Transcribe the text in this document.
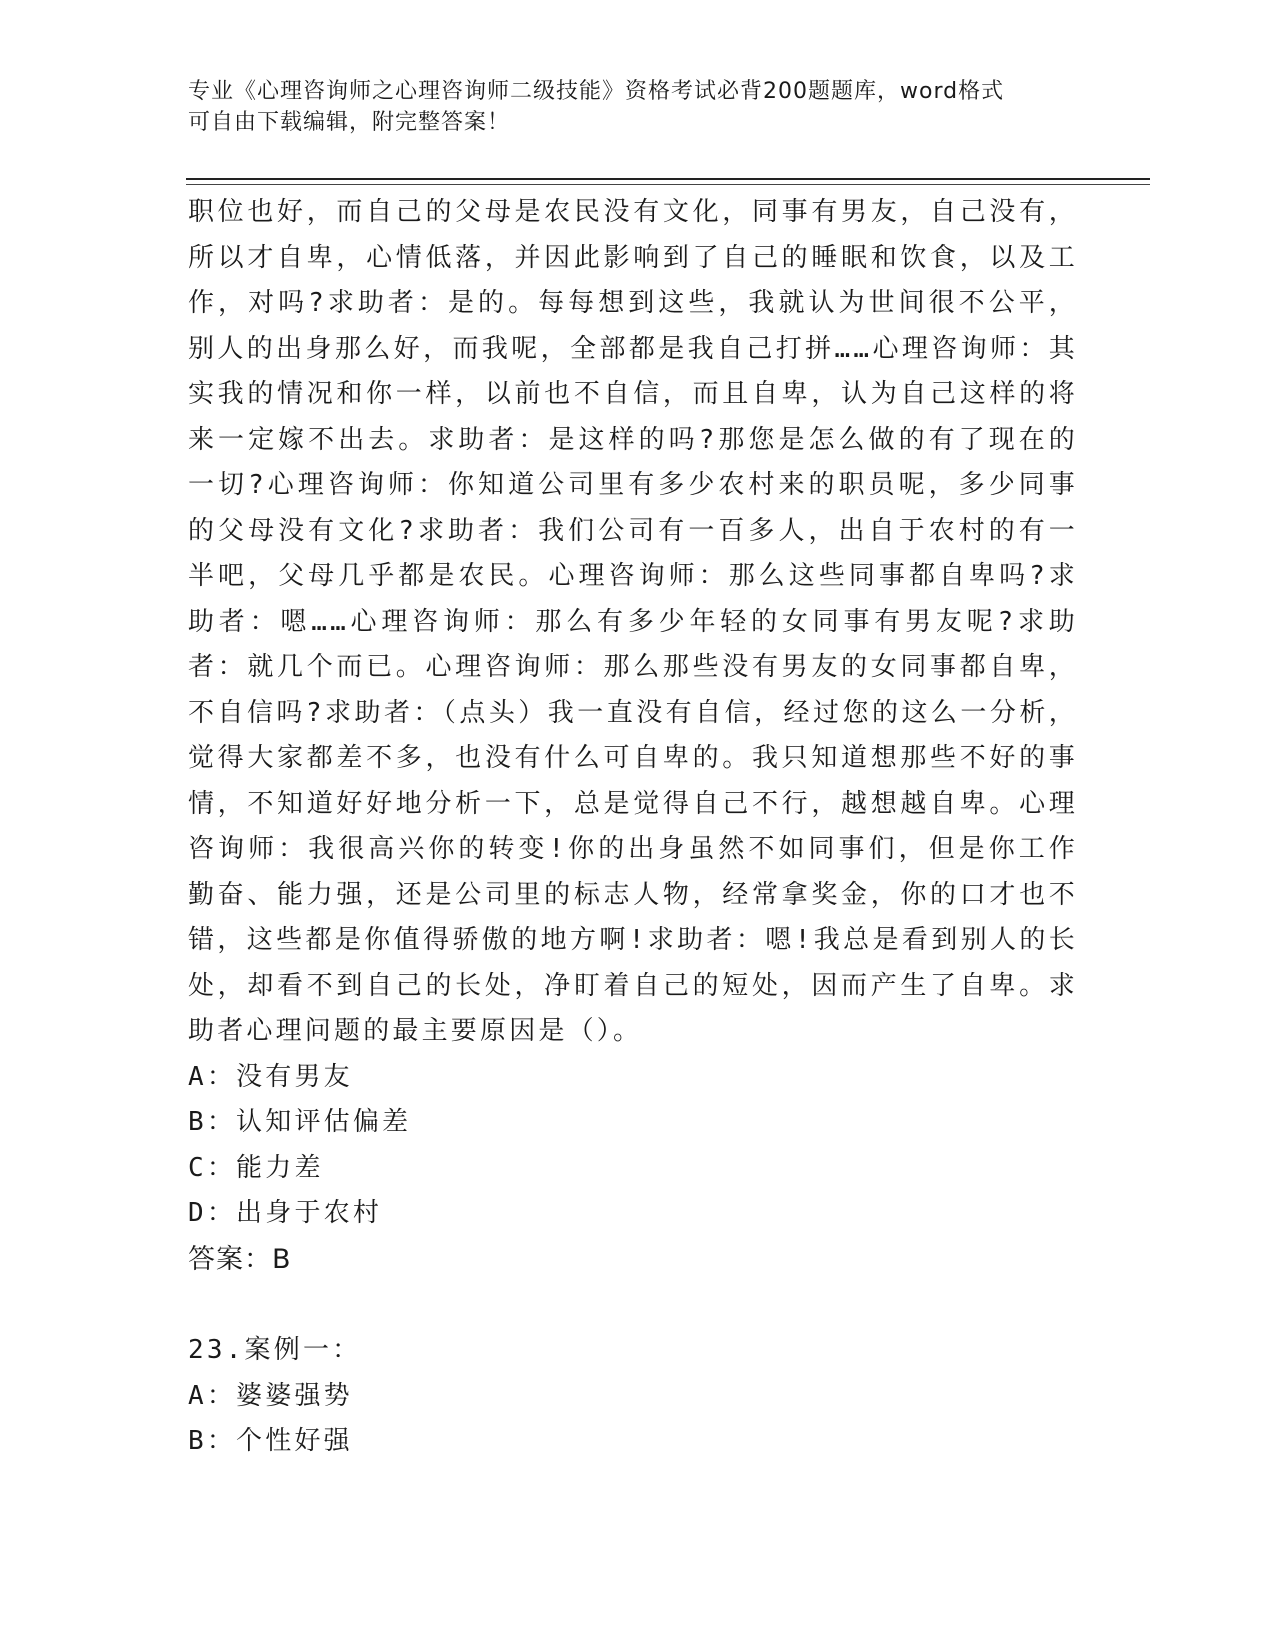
专业《心理咨询师之心理咨询师二级技能》资格考试必背200题题库，word格式
可自由下载编辑，附完整答案！

职位也好，而自己的父母是农民没有文化，同事有男友，自己没有，所以才自卑，心情低落，并因此影响到了自己的睡眠和饮食，以及工作，对吗?求助者：是的。每每想到这些，我就认为世间很不公平，别人的出身那么好，而我呢，全部都是我自己打拼……心理咨询师：其实我的情况和你一样，以前也不自信，而且自卑，认为自己这样的将来一定嫁不出去。求助者：是这样的吗?那您是怎么做的有了现在的一切?心理咨询师：你知道公司里有多少农村来的职员呢，多少同事的父母没有文化?求助者：我们公司有一百多人，出自于农村的有一半吧，父母几乎都是农民。心理咨询师：那么这些同事都自卑吗?求助者：嗯……心理咨询师：那么有多少年轻的女同事有男友呢?求助者：就几个而已。心理咨询师：那么那些没有男友的女同事都自卑，不自信吗?求助者：（点头）我一直没有自信，经过您的这么一分析，觉得大家都差不多，也没有什么可自卑的。我只知道想那些不好的事情，不知道好好地分析一下，总是觉得自己不行，越想越自卑。心理咨询师：我很高兴你的转变!你的出身虽然不如同事们，但是你工作勤奋、能力强，还是公司里的标志人物，经常拿奖金，你的口才也不错，这些都是你值得骄傲的地方啊!求助者：嗯!我总是看到别人的长处，却看不到自己的长处，净盯着自己的短处，因而产生了自卑。求助者心理问题的最主要原因是（）。

A：没有男友

B：认知评估偏差

C：能力差

D：出身于农村

答案：B

23.案例一：

A：婆婆强势

B：个性好强
